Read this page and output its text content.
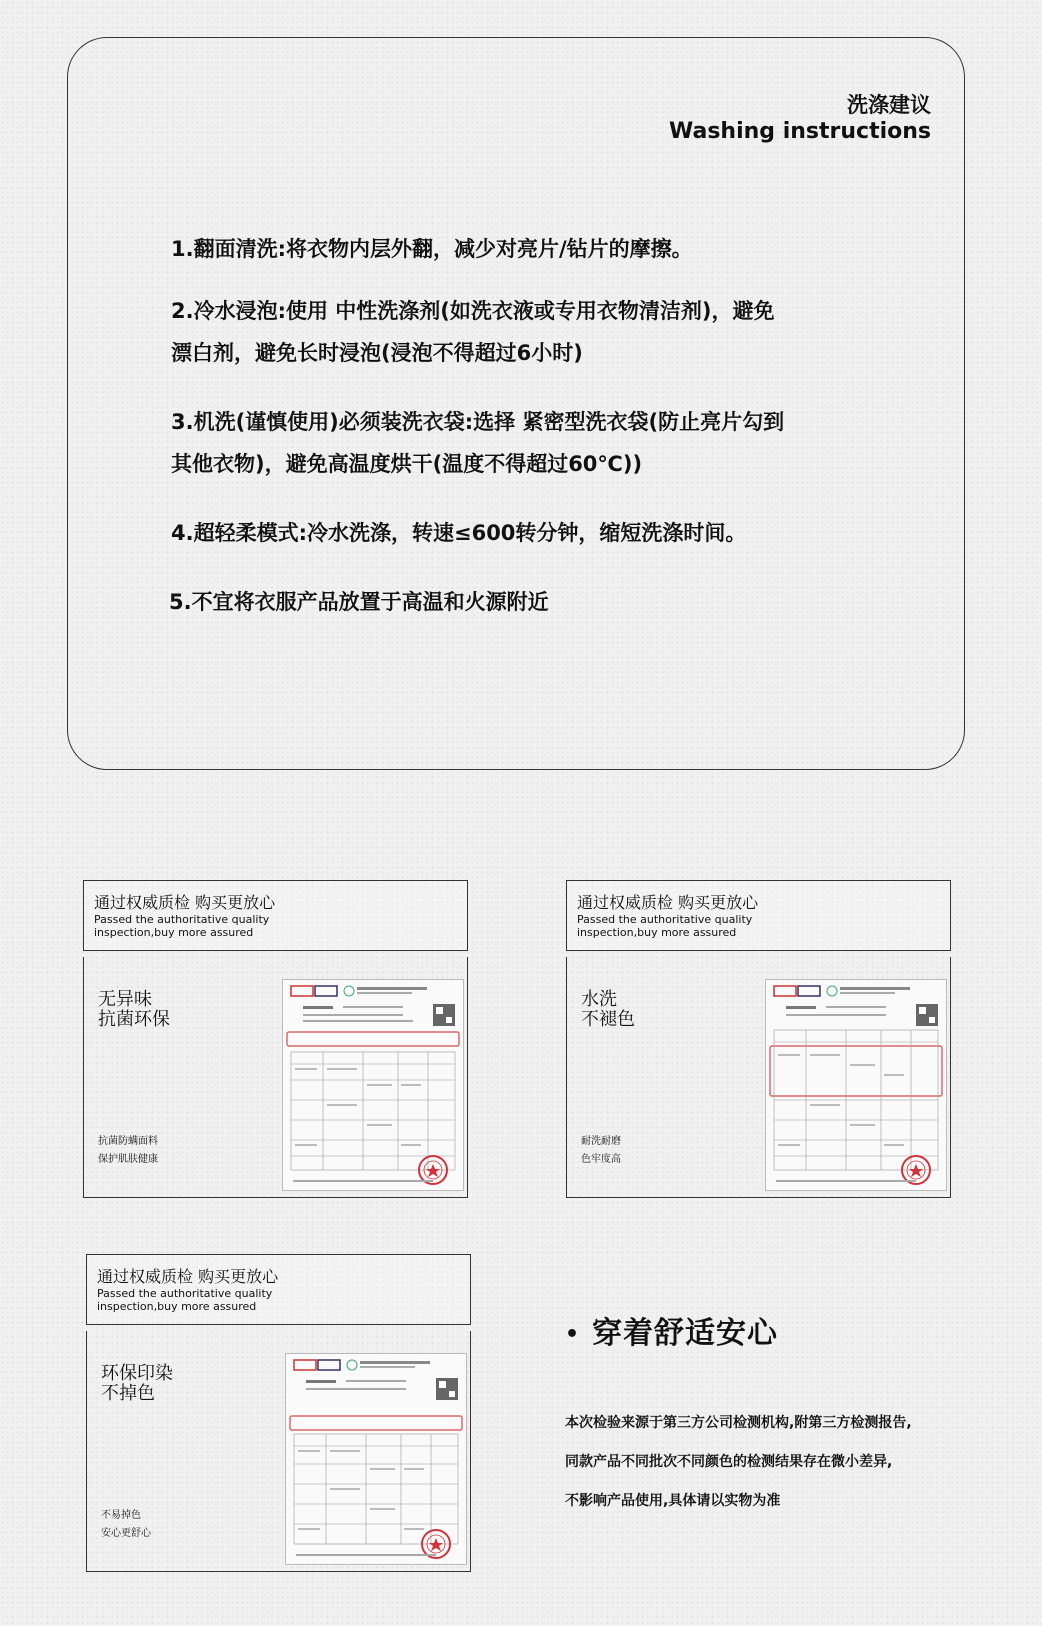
洗涤建议
Washing instructions
1.翻面清洗:将衣物内层外翻，减少对亮片/钻片的摩擦。
2.冷水浸泡:使用 中性洗涤剂(如洗衣液或专用衣物清洁剂)，避免
漂白剂，避免长时浸泡(浸泡不得超过6小时)
3.机洗(谨慎使用)必须装洗衣袋:选择 紧密型洗衣袋(防止亮片勾到
其他衣物)，避免高温度烘干(温度不得超过60℃))
4.超轻柔模式:冷水洗涤，转速≤600转分钟，缩短洗涤时间。
5.不宜将衣服产品放置于高温和火源附近
通过权威质检 购买更放心
Passed the authoritative quality
inspection,buy more assured
无异味
抗菌环保
抗菌防螨面料
保护肌肤健康
通过权威质检 购买更放心
Passed the authoritative quality
inspection,buy more assured
水洗
不褪色
耐洗耐磨
色牢度高
通过权威质检 购买更放心
Passed the authoritative quality
inspection,buy more assured
环保印染
不掉色
不易掉色
安心更舒心
• 穿着舒适安心
本次检验来源于第三方公司检测机构,附第三方检测报告,
同款产品不同批次不同颜色的检测结果存在微小差异,
不影响产品使用,具体请以实物为准
